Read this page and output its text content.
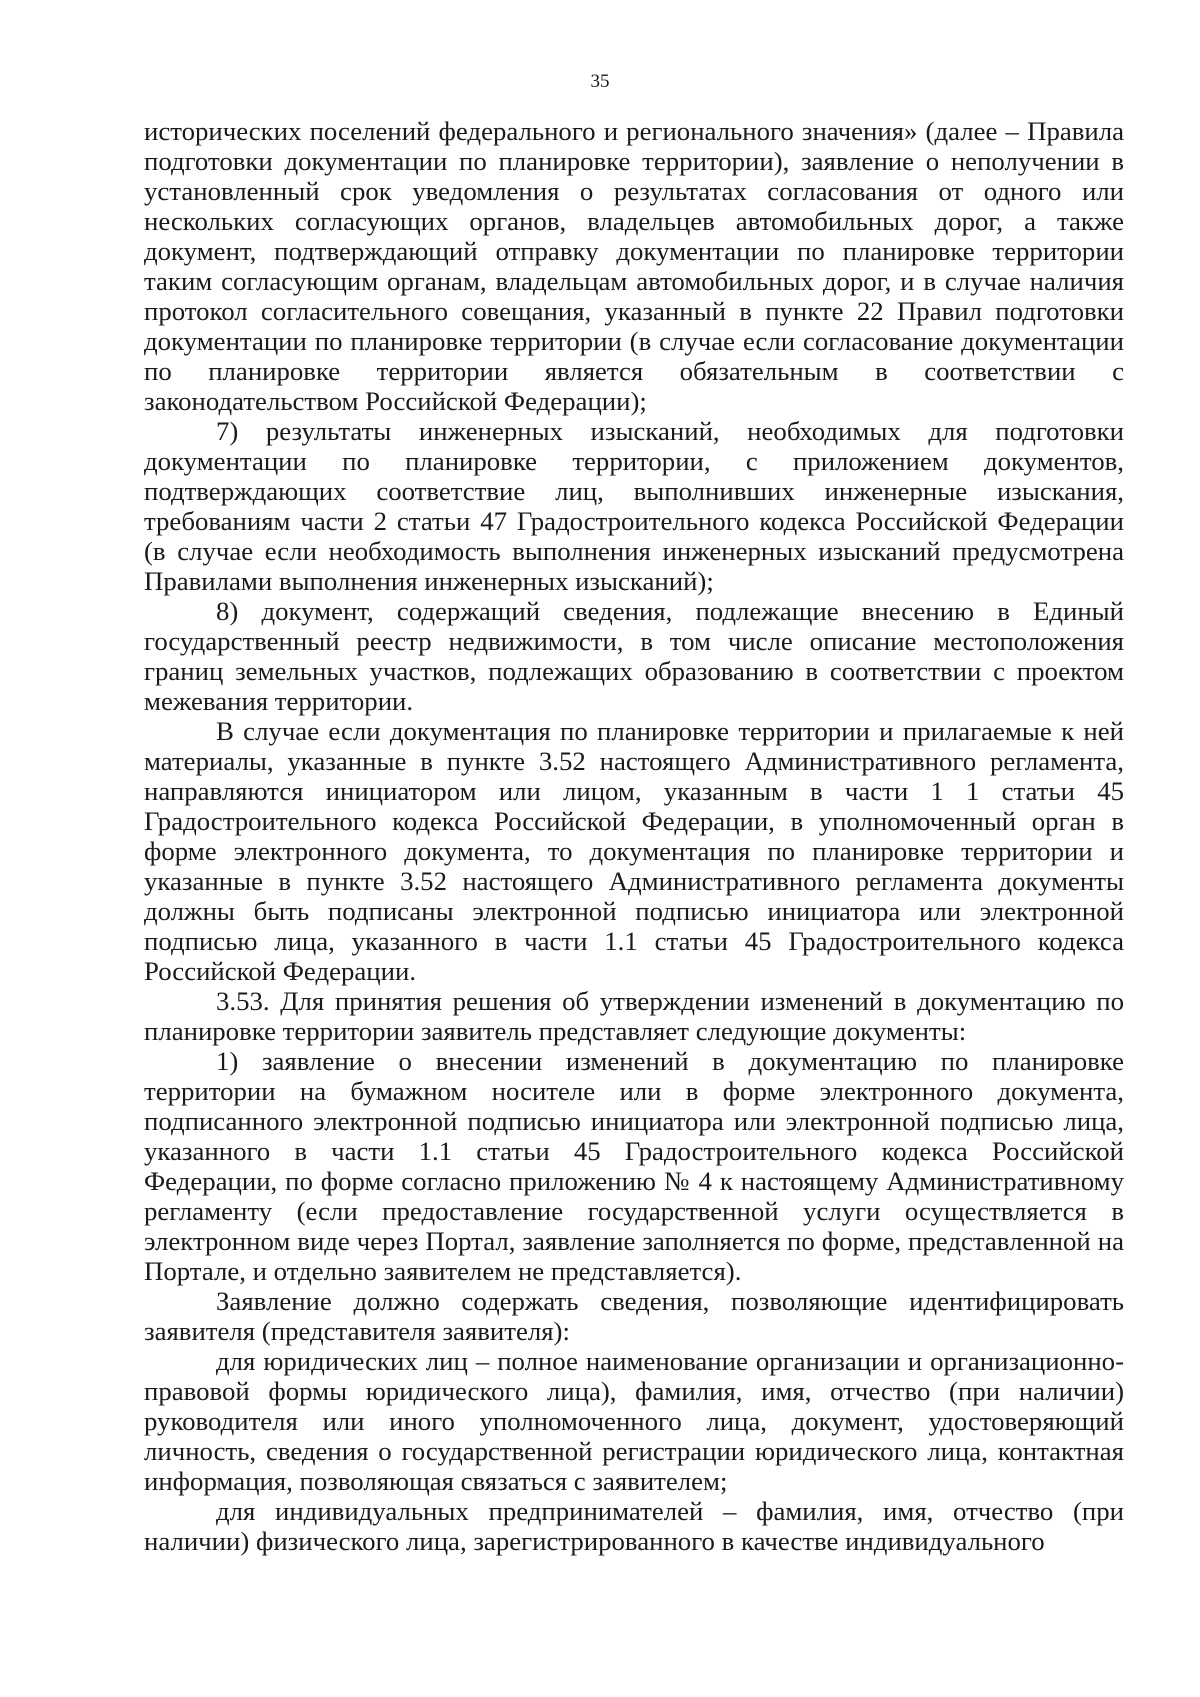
35

исторических поселений федерального и регионального значения» (далее – Правила подготовки документации по планировке территории), заявление о неполучении в установленный срок уведомления о результатах согласования от одного или нескольких согласующих органов, владельцев автомобильных дорог, а также документ, подтверждающий отправку документации по планировке территории таким согласующим органам, владельцам автомобильных дорог, и в случае наличия протокол согласительного совещания, указанный в пункте 22 Правил подготовки документации по планировке территории (в случае если согласование документации по планировке территории является обязательным в соответствии с законодательством Российской Федерации);

7) результаты инженерных изысканий, необходимых для подготовки документации по планировке территории, с приложением документов, подтверждающих соответствие лиц, выполнивших инженерные изыскания, требованиям части 2 статьи 47 Градостроительного кодекса Российской Федерации (в случае если необходимость выполнения инженерных изысканий предусмотрена Правилами выполнения инженерных изысканий);

8) документ, содержащий сведения, подлежащие внесению в Единый государственный реестр недвижимости, в том числе описание местоположения границ земельных участков, подлежащих образованию в соответствии с проектом межевания территории.

В случае если документация по планировке территории и прилагаемые к ней материалы, указанные в пункте 3.52 настоящего Административного регламента, направляются инициатором или лицом, указанным в части 1 1 статьи 45 Градостроительного кодекса Российской Федерации, в уполномоченный орган в форме электронного документа, то документация по планировке территории и указанные в пункте 3.52 настоящего Административного регламента документы должны быть подписаны электронной подписью инициатора или электронной подписью лица, указанного в части 1.1 статьи 45 Градостроительного кодекса Российской Федерации.

3.53. Для принятия решения об утверждении изменений в документацию по планировке территории заявитель представляет следующие документы:

1) заявление о внесении изменений в документацию по планировке территории на бумажном носителе или в форме электронного документа, подписанного электронной подписью инициатора или электронной подписью лица, указанного в части 1.1 статьи 45 Градостроительного кодекса Российской Федерации, по форме согласно приложению № 4 к настоящему Административному регламенту (если предоставление государственной услуги осуществляется в электронном виде через Портал, заявление заполняется по форме, представленной на Портале, и отдельно заявителем не представляется).

Заявление должно содержать сведения, позволяющие идентифицировать заявителя (представителя заявителя):

для юридических лиц – полное наименование организации и организационно-правовой формы юридического лица), фамилия, имя, отчество (при наличии) руководителя или иного уполномоченного лица, документ, удостоверяющий личность, сведения о государственной регистрации юридического лица, контактная информация, позволяющая связаться с заявителем;

для индивидуальных предпринимателей – фамилия, имя, отчество (при наличии) физического лица, зарегистрированного в качестве индивидуального
